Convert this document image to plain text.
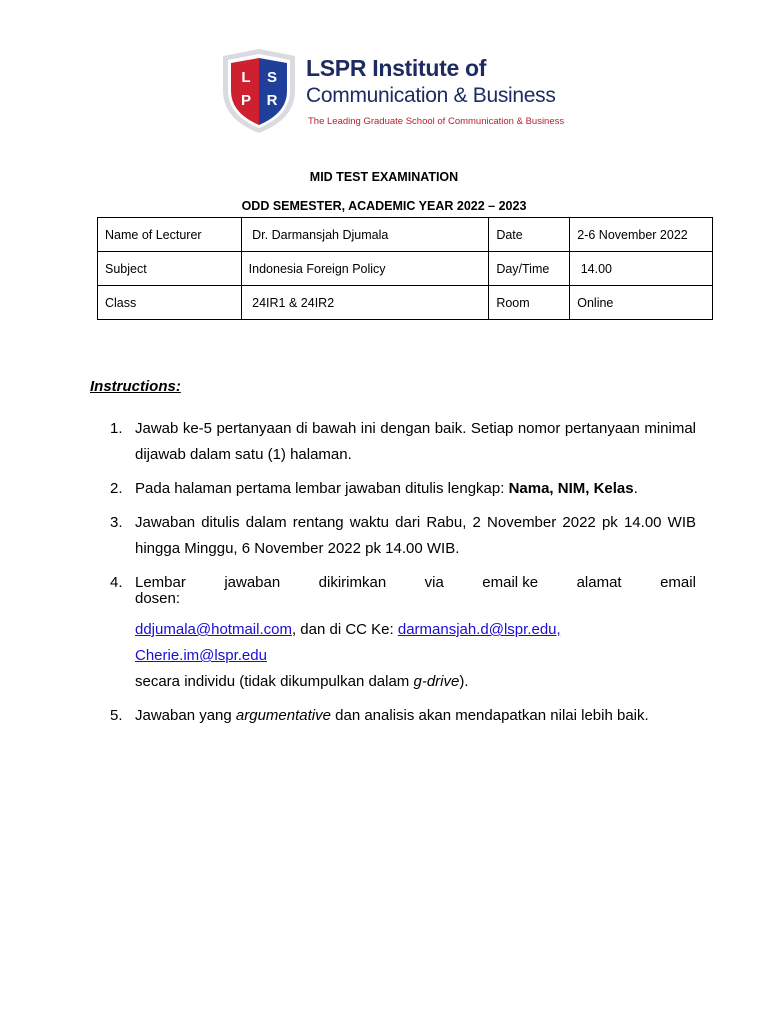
L S
P R
LSPR Institute of
Communication & Business
The Leading Graduate School of Communication & Business
MID TEST EXAMINATION
ODD SEMESTER, ACADEMIC YEAR 2022 – 2023
Name of Lecturer	Dr. Darmansjah Djumala	Date	2-6 November 2022
Subject	Indonesia Foreign Policy	Day/Time	14.00
Class	24IR1 & 24IR2	Room	Online
Instructions:
1. Jawab ke-5 pertanyaan di bawah ini dengan baik. Setiap nomor pertanyaan minimal
dijawab dalam satu (1) halaman.
2. Pada halaman pertama lembar jawaban ditulis lengkap: Nama, NIM, Kelas.
3. Jawaban ditulis dalam rentang waktu dari Rabu, 2 November 2022 pk 14.00 WIB
hingga Minggu, 6 November 2022 pk 14.00 WIB.
4. Lembar	jawaban	dikirimkan	via	email ke	alamat	email
dosen:
ddjumala@hotmail.com, dan di CC Ke: darmansjah.d@lspr.edu, Cherie.im@lspr.edu
secara individu (tidak dikumpulkan dalam g-drive).
5. Jawaban yang argumentative dan analisis akan mendapatkan nilai lebih baik.
